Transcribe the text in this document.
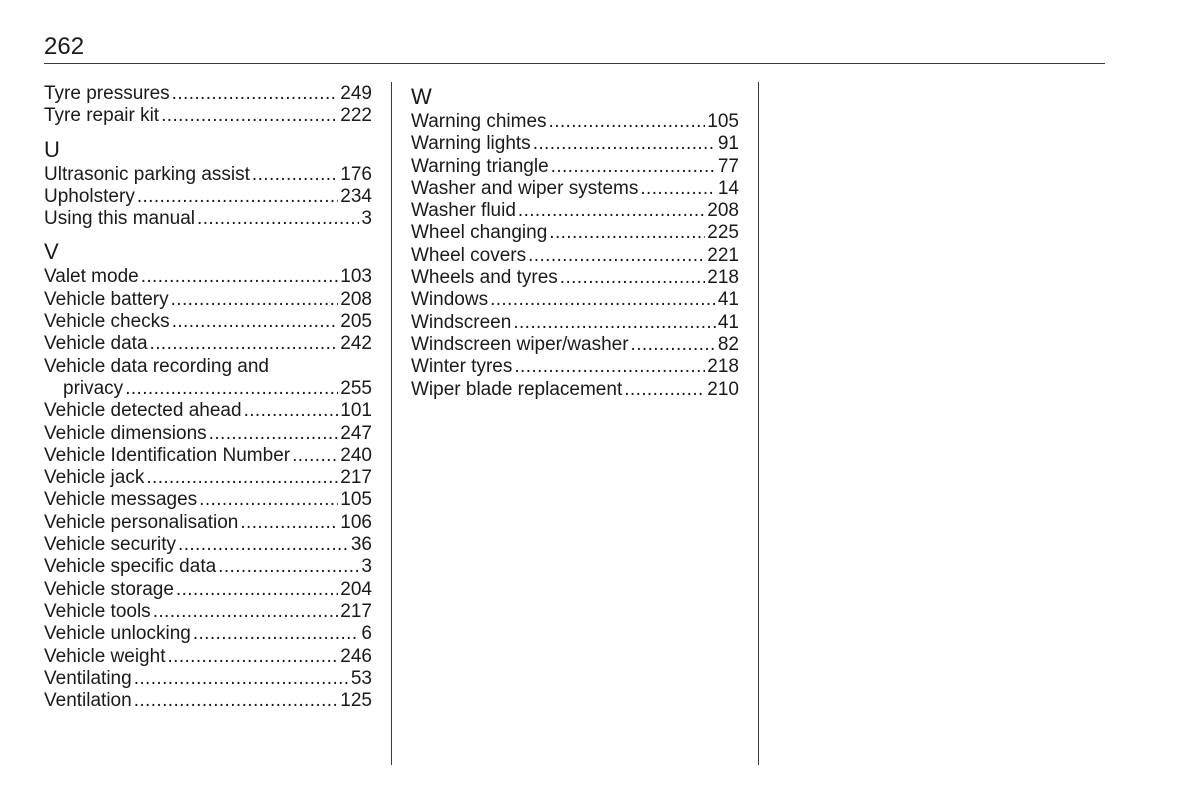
262
Tyre pressures .....	249
Tyre repair kit .....	222
U
Ultrasonic parking assist .....	176
Upholstery .....	234
Using this manual .....	3
V
Valet mode .....	103
Vehicle battery .....	208
Vehicle checks .....	205
Vehicle data .....	242
Vehicle data recording and
privacy .....	255
Vehicle detected ahead .....	101
Vehicle dimensions .....	247
Vehicle Identification Number .....	240
Vehicle jack .....	217
Vehicle messages .....	105
Vehicle personalisation .....	106
Vehicle security .....	36
Vehicle specific data .....	3
Vehicle storage .....	204
Vehicle tools .....	217
Vehicle unlocking .....	6
Vehicle weight .....	246
Ventilating .....	53
Ventilation .....	125
W
Warning chimes .....	105
Warning lights .....	91
Warning triangle .....	77
Washer and wiper systems .....	14
Washer fluid .....	208
Wheel changing .....	225
Wheel covers .....	221
Wheels and tyres .....	218
Windows .....	41
Windscreen .....	41
Windscreen wiper/washer .....	82
Winter tyres .....	218
Wiper blade replacement .....	210
